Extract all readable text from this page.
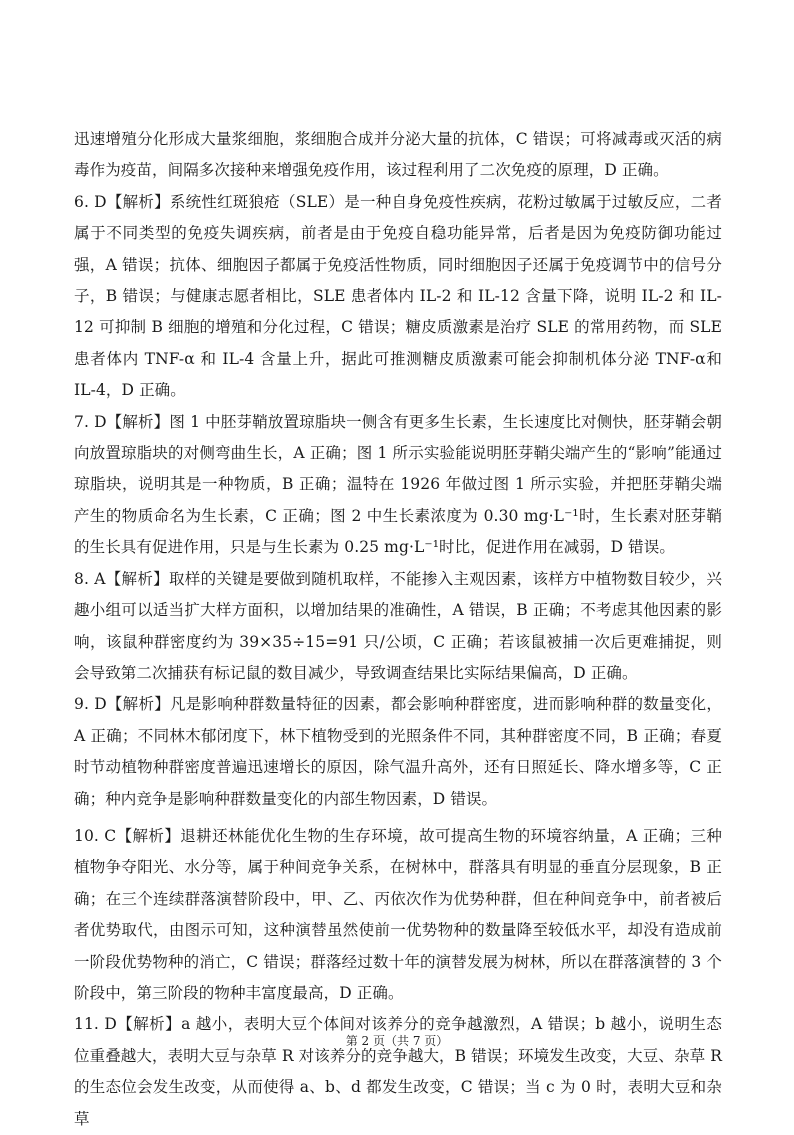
迅速增殖分化形成大量浆细胞，浆细胞合成并分泌大量的抗体，C 错误；可将减毒或灭活的病毒作为疫苗，间隔多次接种来增强免疫作用，该过程利用了二次免疫的原理，D 正确。

6. D【解析】系统性红斑狼疮（SLE）是一种自身免疫性疾病，花粉过敏属于过敏反应，二者属于不同类型的免疫失调疾病，前者是由于免疫自稳功能异常，后者是因为免疫防御功能过强，A 错误；抗体、细胞因子都属于免疫活性物质，同时细胞因子还属于免疫调节中的信号分子，B 错误；与健康志愿者相比，SLE 患者体内 IL-2 和 IL-12 含量下降，说明 IL-2 和 IL-12 可抑制 B 细胞的增殖和分化过程，C 错误；糖皮质激素是治疗 SLE 的常用药物，而 SLE 患者体内 TNF-α 和 IL-4 含量上升，据此可推测糖皮质激素可能会抑制机体分泌 TNF-α和 IL-4，D 正确。

7. D【解析】图 1 中胚芽鞘放置琼脂块一侧含有更多生长素，生长速度比对侧快，胚芽鞘会朝向放置琼脂块的对侧弯曲生长，A 正确；图 1 所示实验能说明胚芽鞘尖端产生的“影响”能通过琼脂块，说明其是一种物质，B 正确；温特在 1926 年做过图 1 所示实验，并把胚芽鞘尖端产生的物质命名为生长素，C 正确；图 2 中生长素浓度为 0.30 mg·L⁻¹时，生长素对胚芽鞘的生长具有促进作用，只是与生长素为 0.25 mg·L⁻¹时比，促进作用在减弱，D 错误。

8. A【解析】取样的关键是要做到随机取样，不能掺入主观因素，该样方中植物数目较少，兴趣小组可以适当扩大样方面积，以增加结果的准确性，A 错误，B 正确；不考虑其他因素的影响，该鼠种群密度约为 39×35÷15=91 只/公顷，C 正确；若该鼠被捕一次后更难捕捉，则会导致第二次捕获有标记鼠的数目减少，导致调查结果比实际结果偏高，D 正确。

9. D【解析】凡是影响种群数量特征的因素，都会影响种群密度，进而影响种群的数量变化，A 正确；不同林木郁闭度下，林下植物受到的光照条件不同，其种群密度不同，B 正确；春夏时节动植物种群密度普遍迅速增长的原因，除气温升高外，还有日照延长、降水增多等，C 正确；种内竞争是影响种群数量变化的内部生物因素，D 错误。

10. C【解析】退耕还林能优化生物的生存环境，故可提高生物的环境容纳量，A 正确；三种植物争夺阳光、水分等，属于种间竞争关系，在树林中，群落具有明显的垂直分层现象，B 正确；在三个连续群落演替阶段中，甲、乙、丙依次作为优势种群，但在种间竞争中，前者被后者优势取代，由图示可知，这种演替虽然使前一优势物种的数量降至较低水平，却没有造成前一阶段优势物种的消亡，C 错误；群落经过数十年的演替发展为树林，所以在群落演替的 3 个阶段中，第三阶段的物种丰富度最高，D 正确。

11. D【解析】a 越小，表明大豆个体间对该养分的竞争越激烈，A 错误；b 越小，说明生态位重叠越大，表明大豆与杂草 R 对该养分的竞争越大，B 错误；环境发生改变，大豆、杂草 R 的生态位会发生改变，从而使得 a、b、d 都发生改变，C 错误；当 c 为 0 时，表明大豆和杂草

第 2 页（共 7 页）
